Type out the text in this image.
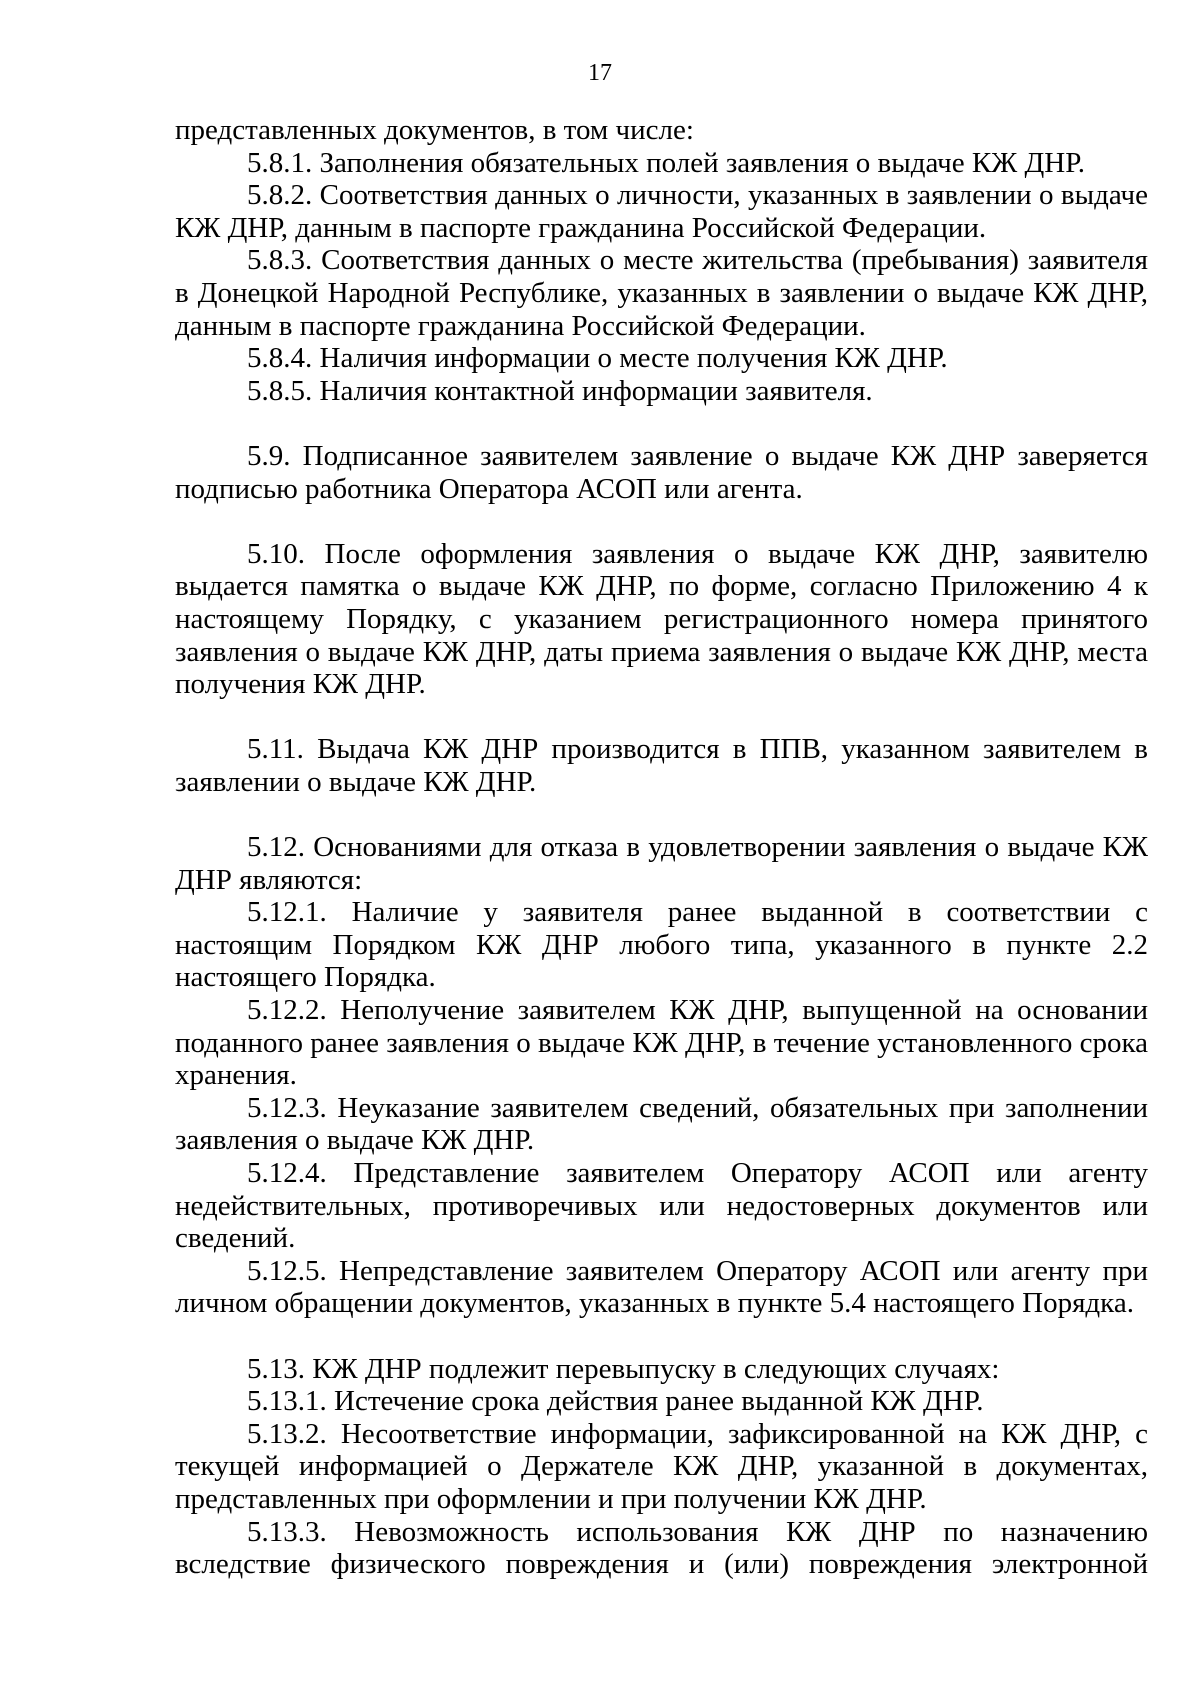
17

представленных документов, в том числе:

5.8.1. Заполнения обязательных полей заявления о выдаче КЖ ДНР.

5.8.2. Соответствия данных о личности, указанных в заявлении о выдаче КЖ ДНР, данным в паспорте гражданина Российской Федерации.

5.8.3. Соответствия данных о месте жительства (пребывания) заявителя в Донецкой Народной Республике, указанных в заявлении о выдаче КЖ ДНР, данным в паспорте гражданина Российской Федерации.

5.8.4. Наличия информации о месте получения КЖ ДНР.

5.8.5. Наличия контактной информации заявителя.

5.9. Подписанное заявителем заявление о выдаче КЖ ДНР заверяется подписью работника Оператора АСОП или агента.

5.10. После оформления заявления о выдаче КЖ ДНР, заявителю выдается памятка о выдаче КЖ ДНР, по форме, согласно Приложению 4 к настоящему Порядку, с указанием регистрационного номера принятого заявления о выдаче КЖ ДНР, даты приема заявления о выдаче КЖ ДНР, места получения КЖ ДНР.

5.11. Выдача КЖ ДНР производится в ППВ, указанном заявителем в заявлении о выдаче КЖ ДНР.

5.12. Основаниями для отказа в удовлетворении заявления о выдаче КЖ ДНР являются:

5.12.1. Наличие у заявителя ранее выданной в соответствии с настоящим Порядком КЖ ДНР любого типа, указанного в пункте 2.2 настоящего Порядка.

5.12.2. Неполучение заявителем КЖ ДНР, выпущенной на основании поданного ранее заявления о выдаче КЖ ДНР, в течение установленного срока хранения.

5.12.3. Неуказание заявителем сведений, обязательных при заполнении заявления о выдаче КЖ ДНР.

5.12.4. Представление заявителем Оператору АСОП или агенту недействительных, противоречивых или недостоверных документов или сведений.

5.12.5. Непредставление заявителем Оператору АСОП или агенту при личном обращении документов, указанных в пункте 5.4 настоящего Порядка.

5.13. КЖ ДНР подлежит перевыпуску в следующих случаях:

5.13.1. Истечение срока действия ранее выданной КЖ ДНР.

5.13.2. Несоответствие информации, зафиксированной на КЖ ДНР, с текущей информацией о Держателе КЖ ДНР, указанной в документах, представленных при оформлении и при получении КЖ ДНР.

5.13.3. Невозможность использования КЖ ДНР по назначению вследствие физического повреждения и (или) повреждения электронной
